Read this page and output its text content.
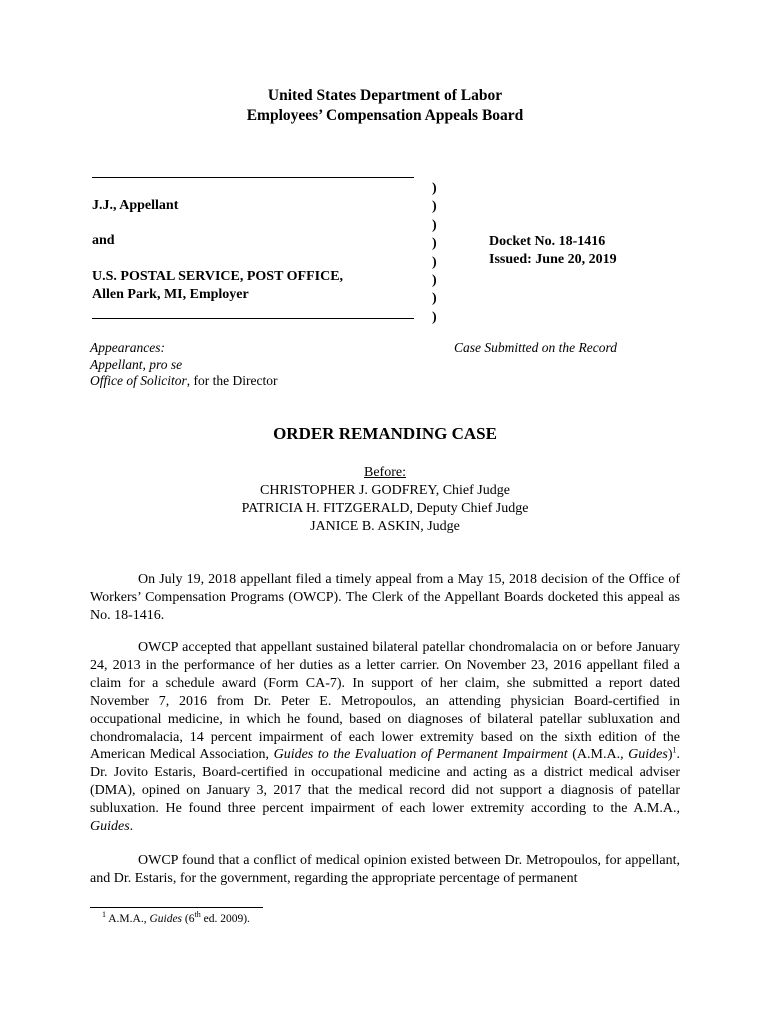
United States Department of Labor
Employees’ Compensation Appeals Board
J.J., Appellant
and
U.S. POSTAL SERVICE, POST OFFICE,
Allen Park, MI, Employer
)
)
)
)
)
)
)
)
Docket No. 18-1416
Issued: June 20, 2019
Appearances:
Appellant, pro se
Office of Solicitor, for the Director
Case Submitted on the Record
ORDER REMANDING CASE
Before:
CHRISTOPHER J. GODFREY, Chief Judge
PATRICIA H. FITZGERALD, Deputy Chief Judge
JANICE B. ASKIN, Judge
On July 19, 2018 appellant filed a timely appeal from a May 15, 2018 decision of the Office of Workers’ Compensation Programs (OWCP). The Clerk of the Appellant Boards docketed this appeal as No. 18-1416.
OWCP accepted that appellant sustained bilateral patellar chondromalacia on or before January 24, 2013 in the performance of her duties as a letter carrier. On November 23, 2016 appellant filed a claim for a schedule award (Form CA-7). In support of her claim, she submitted a report dated November 7, 2016 from Dr. Peter E. Metropoulos, an attending physician Board-certified in occupational medicine, in which he found, based on diagnoses of bilateral patellar subluxation and chondromalacia, 14 percent impairment of each lower extremity based on the sixth edition of the American Medical Association, Guides to the Evaluation of Permanent Impairment (A.M.A., Guides)$^1$. Dr. Jovito Estaris, Board-certified in occupational medicine and acting as a district medical adviser (DMA), opined on January 3, 2017 that the medical record did not support a diagnosis of patellar subluxation. He found three percent impairment of each lower extremity according to the A.M.A., Guides.
OWCP found that a conflict of medical opinion existed between Dr. Metropoulos, for appellant, and Dr. Estaris, for the government, regarding the appropriate percentage of permanent
$^1$ A.M.A., Guides (6th ed. 2009).
